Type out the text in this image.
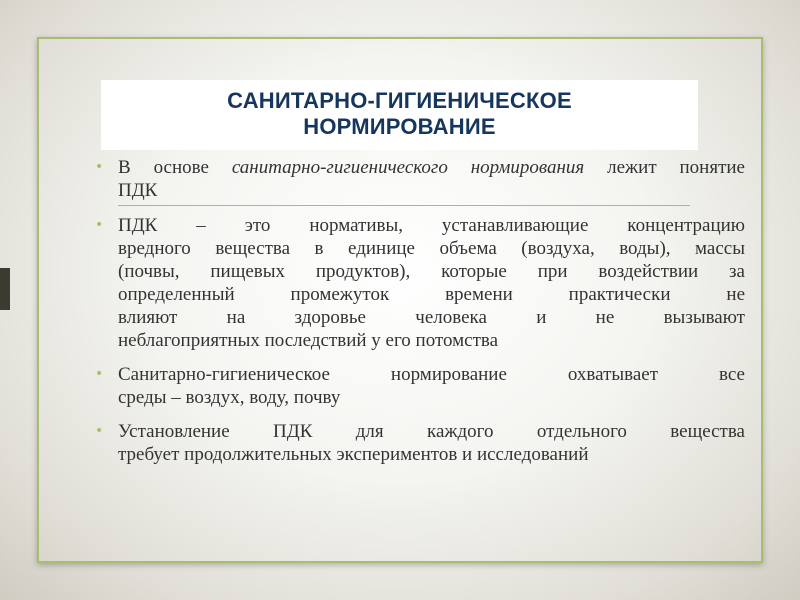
САНИТАРНО-ГИГИЕНИЧЕСКОЕ
НОРМИРОВАНИЕ
• В основе санитарно-гигиенического нормирования лежит понятие
ПДК
• ПДК – это нормативы, устанавливающие концентрацию
вредного вещества в единице объема (воздуха, воды), массы
(почвы, пищевых продуктов), которые при воздействии за
определенный промежуток времени практически не
влияют на здоровье человека и не вызывают
неблагоприятных последствий у его потомства
• Санитарно-гигиеническое нормирование охватывает все
среды – воздух, воду, почву
• Установление ПДК для каждого отдельного вещества
требует продолжительных экспериментов и исследований
